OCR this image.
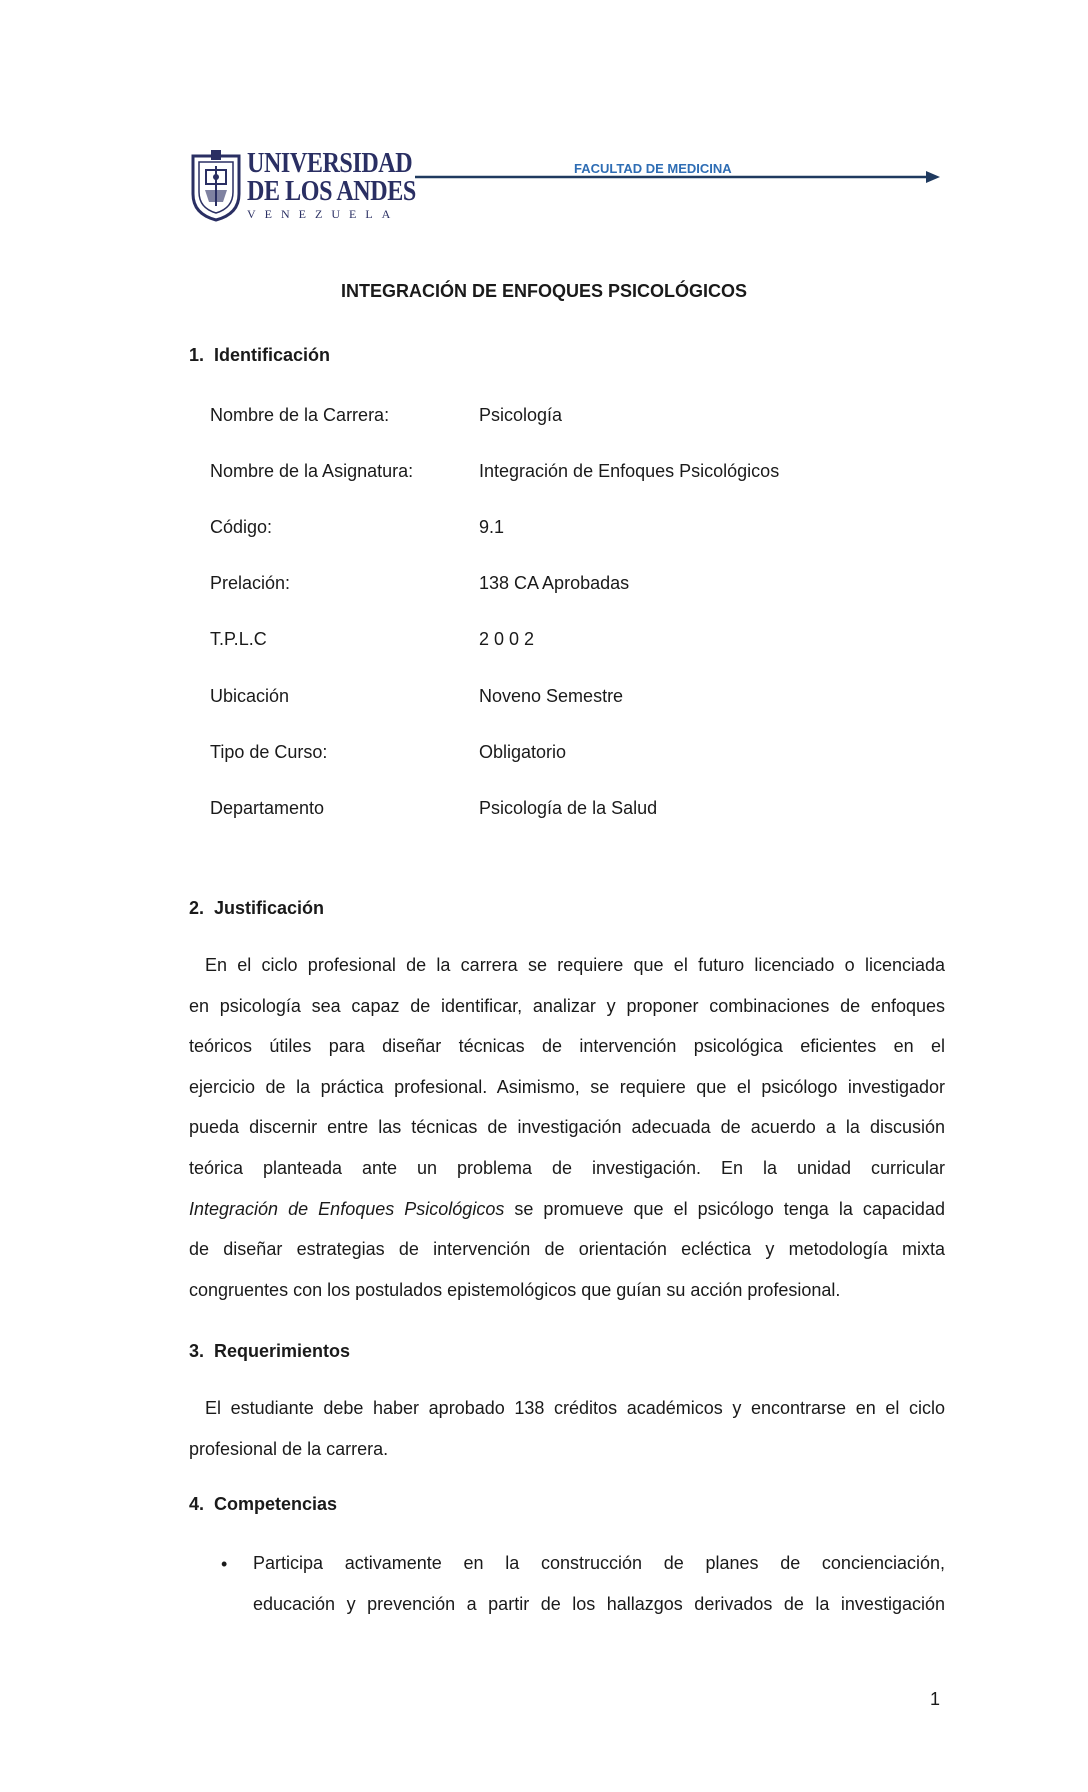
UNIVERSIDAD
DE LOS ANDES
VENEZUELA
FACULTAD DE MEDICINA
INTEGRACIÓN DE ENFOQUES PSICOLÓGICOS
1. Identificación
Nombre de la Carrera:	Psicología
Nombre de la Asignatura:	Integración de Enfoques Psicológicos
Código:	9.1
Prelación:	138 CA Aprobadas
T.P.L.C	2 0 0 2
Ubicación	Noveno Semestre
Tipo de Curso:	Obligatorio
Departamento	Psicología de la Salud
2. Justificación
En el ciclo profesional de la carrera se requiere que el futuro licenciado o licenciada
en psicología sea capaz de identificar, analizar y proponer combinaciones de enfoques
teóricos útiles para diseñar técnicas de intervención psicológica eficientes en el
ejercicio de la práctica profesional. Asimismo, se requiere que el psicólogo investigador
pueda discernir entre las técnicas de investigación adecuada de acuerdo a la discusión
teórica planteada ante un problema de investigación. En la unidad curricular
Integración de Enfoques Psicológicos se promueve que el psicólogo tenga la capacidad
de diseñar estrategias de intervención de orientación ecléctica y metodología mixta
congruentes con los postulados epistemológicos que guían su acción profesional.
3. Requerimientos
El estudiante debe haber aprobado 138 créditos académicos y encontrarse en el ciclo
profesional de la carrera.
4. Competencias
• Participa activamente en la construcción de planes de concienciación,
educación y prevención a partir de los hallazgos derivados de la investigación
1
